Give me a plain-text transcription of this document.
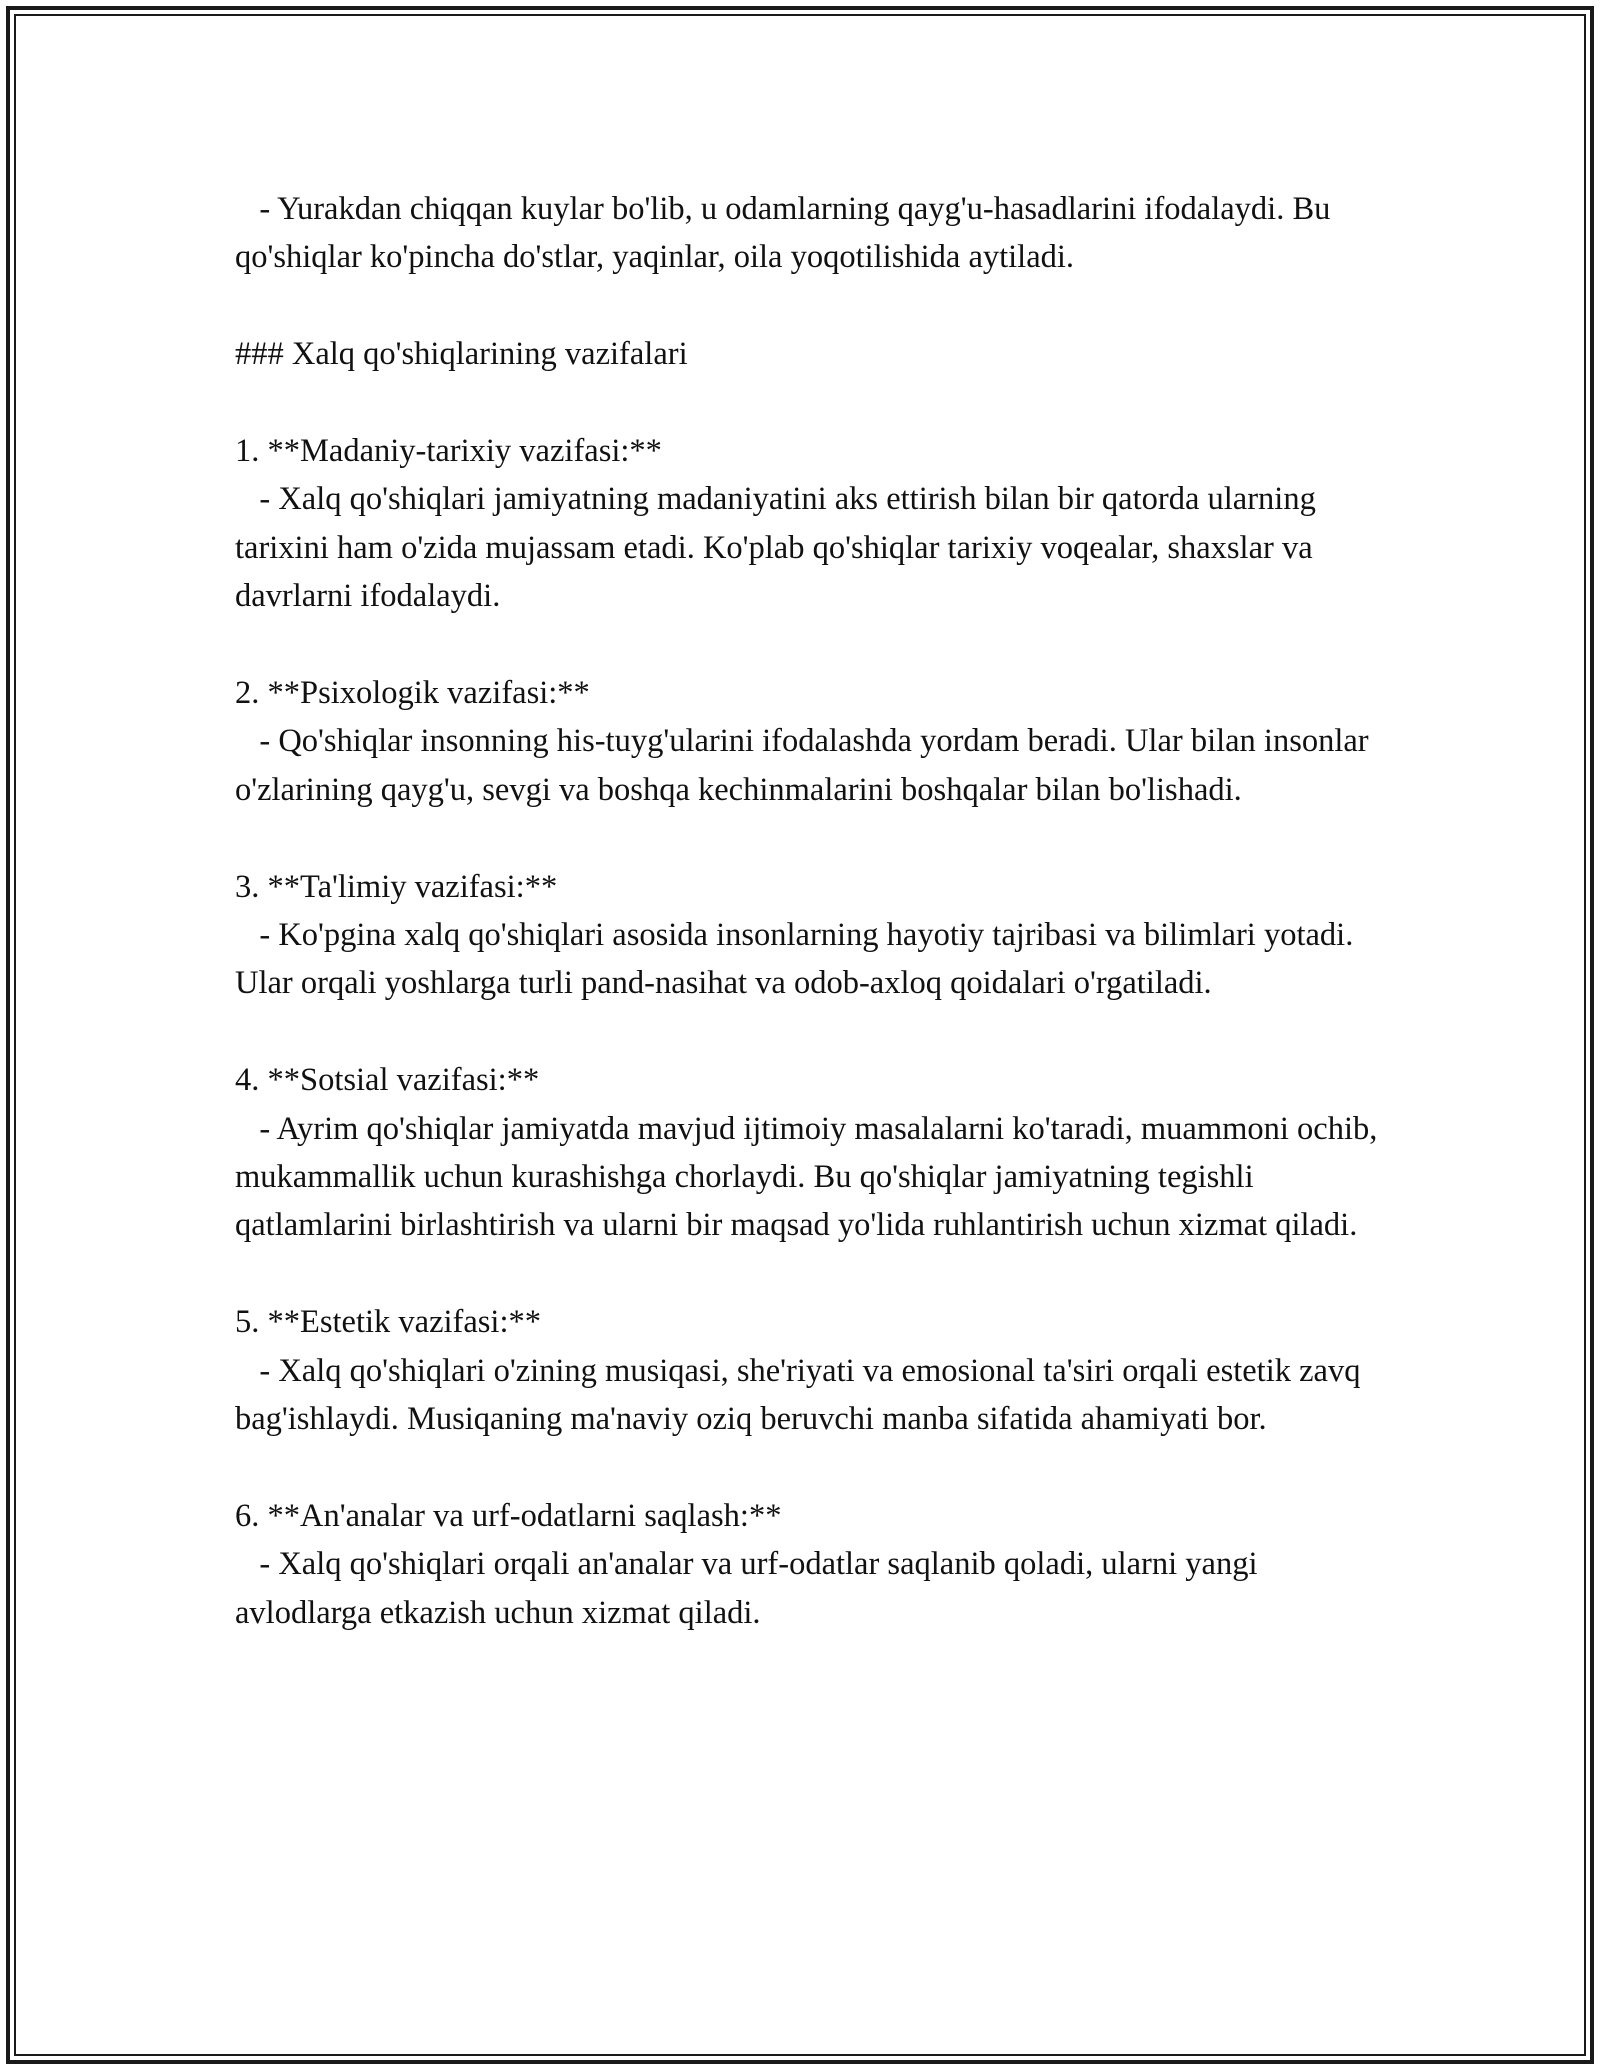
- Yurakdan chiqqan kuylar bo'lib, u odamlarning qayg'u-hasadlarini ifodalaydi. Bu qo'shiqlar ko'pincha do'stlar, yaqinlar, oila yoqotilishida aytiladi.

### Xalq qo'shiqlarining vazifalari

1. **Madaniy-tarixiy vazifasi:**

- Xalq qo'shiqlari jamiyatning madaniyatini aks ettirish bilan bir qatorda ularning tarixini ham o'zida mujassam etadi. Ko'plab qo'shiqlar tarixiy voqealar, shaxslar va davrlarni ifodalaydi.

2. **Psixologik vazifasi:**

- Qo'shiqlar insonning his-tuyg'ularini ifodalashda yordam beradi. Ular bilan insonlar o'zlarining qayg'u, sevgi va boshqa kechinmalarini boshqalar bilan bo'lishadi.

3. **Ta'limiy vazifasi:**

- Ko'pgina xalq qo'shiqlari asosida insonlarning hayotiy tajribasi va bilimlari yotadi. Ular orqali yoshlarga turli pand-nasihat va odob-axloq qoidalari o'rgatiladi.

4. **Sotsial vazifasi:**

- Ayrim qo'shiqlar jamiyatda mavjud ijtimoiy masalalarni ko'taradi, muammoni ochib, mukammallik uchun kurashishga chorlaydi. Bu qo'shiqlar jamiyatning tegishli qatlamlarini birlashtirish va ularni bir maqsad yo'lida ruhlantirish uchun xizmat qiladi.

5. **Estetik vazifasi:**

- Xalq qo'shiqlari o'zining musiqasi, she'riyati va emosional ta'siri orqali estetik zavq bag'ishlaydi. Musiqaning ma'naviy oziq beruvchi manba sifatida ahamiyati bor.

6. **An'analar va urf-odatlarni saqlash:**

- Xalq qo'shiqlari orqali an'analar va urf-odatlar saqlanib qoladi, ularni yangi avlodlarga etkazish uchun xizmat qiladi.
